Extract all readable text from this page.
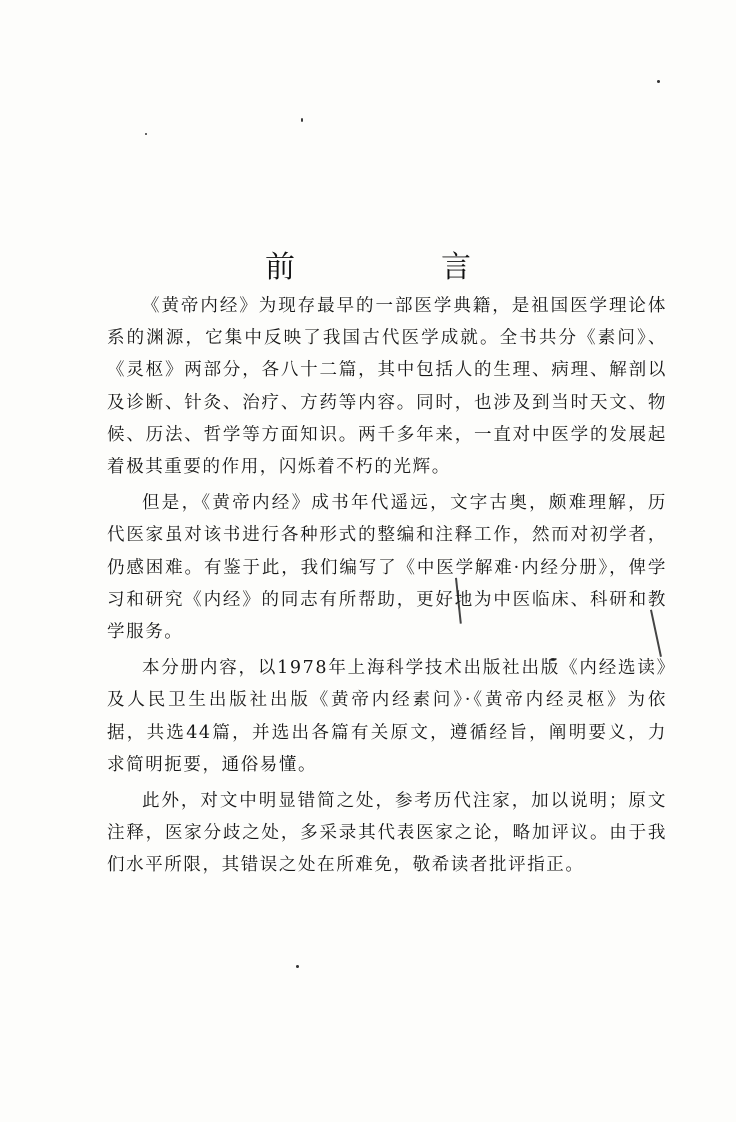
前　言

《黄帝内经》为现存最早的一部医学典籍，是祖国医学理论体系的渊源，它集中反映了我国古代医学成就。全书共分《素问》、《灵枢》两部分，各八十二篇，其中包括人的生理、病理、解剖以及诊断、针灸、治疗、方药等内容。同时，也涉及到当时天文、物候、历法、哲学等方面知识。两千多年来，一直对中医学的发展起着极其重要的作用，闪烁着不朽的光辉。

但是，《黄帝内经》成书年代遥远，文字古奥，颇难理解，历代医家虽对该书进行各种形式的整编和注释工作，然而对初学者，仍感困难。有鉴于此，我们编写了《中医学解难·内经分册》，俾学习和研究《内经》的同志有所帮助，更好地为中医临床、科研和教学服务。

本分册内容，以1978年上海科学技术出版社出版《内经选读》及人民卫生出版社出版《黄帝内经素问》·《黄帝内经灵枢》为依据，共选44篇，并选出各篇有关原文，遵循经旨，阐明要义，力求简明扼要，通俗易懂。

此外，对文中明显错简之处，参考历代注家，加以说明；原文注释，医家分歧之处，多采录其代表医家之论，略加评议。由于我们水平所限，其错误之处在所难免，敬希读者批评指正。
